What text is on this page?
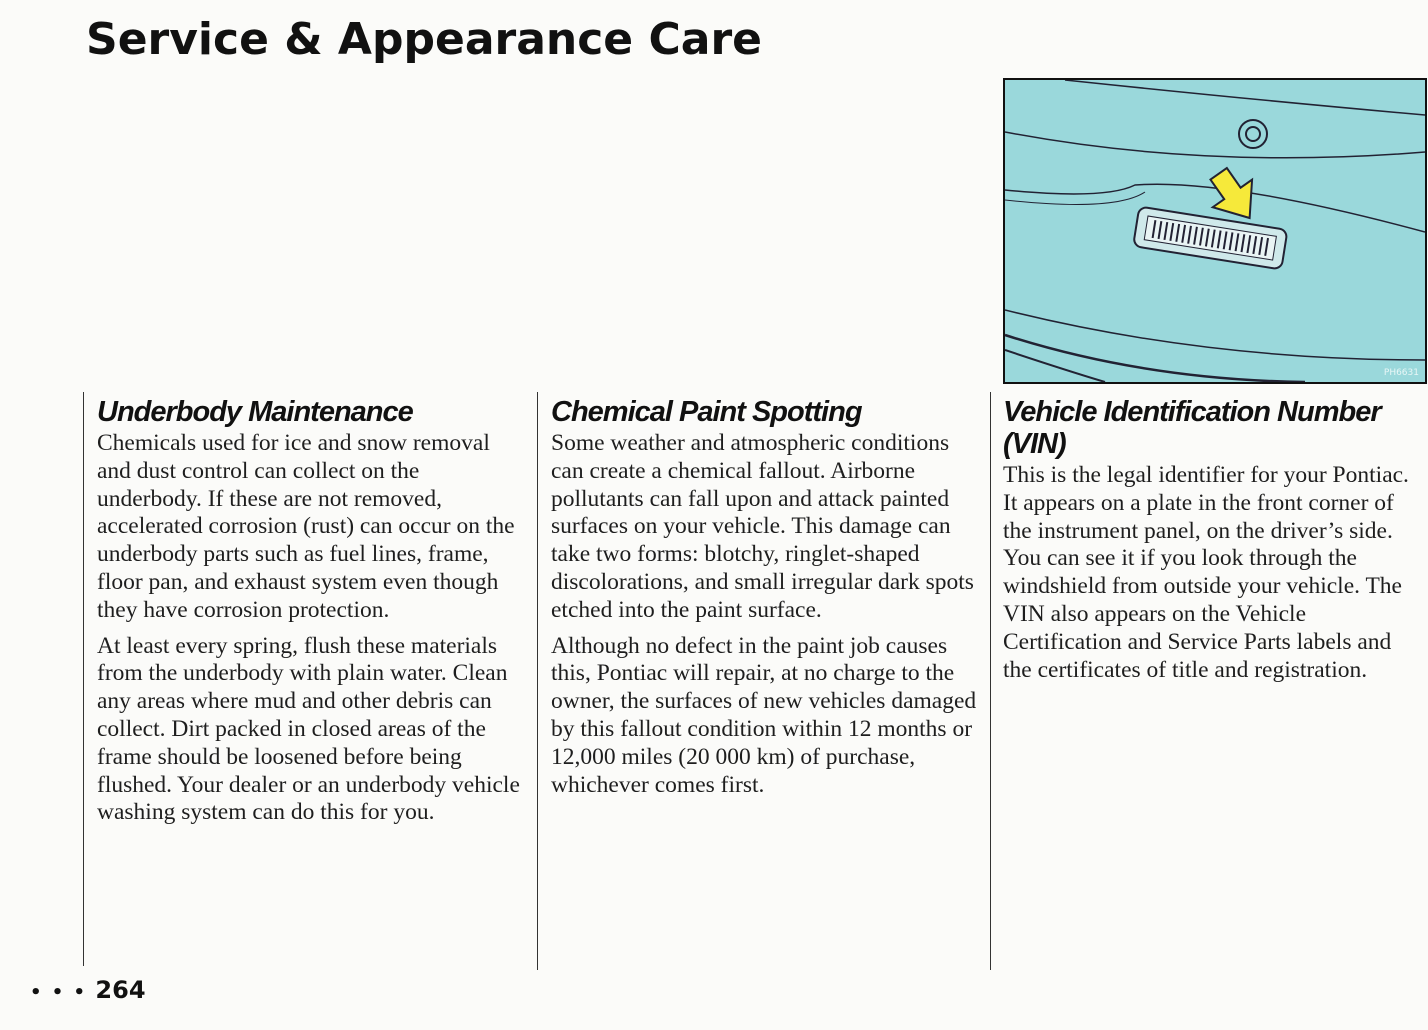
Service & Appearance Care
PH6631
Underbody Maintenance

Chemicals used for ice and snow removal and dust control can collect on the underbody. If these are not removed, accelerated corrosion (rust) can occur on the underbody parts such as fuel lines, frame, floor pan, and exhaust system even though they have corrosion protection.

At least every spring, flush these materials from the underbody with plain water. Clean any areas where mud and other debris can collect. Dirt packed in closed areas of the frame should be loosened before being flushed. Your dealer or an underbody vehicle washing system can do this for you.

Chemical Paint Spotting

Some weather and atmospheric conditions can create a chemical fallout. Airborne pollutants can fall upon and attack painted surfaces on your vehicle. This damage can take two forms: blotchy, ringlet-shaped discolorations, and small irregular dark spots etched into the paint surface.

Although no defect in the paint job causes this, Pontiac will repair, at no charge to the owner, the surfaces of new vehicles damaged by this fallout condition within 12 months or 12,000 miles (20 000 km) of purchase, whichever comes first.

Vehicle Identification Number (VIN)

This is the legal identifier for your Pontiac. It appears on a plate in the front corner of the instrument panel, on the driver’s side. You can see it if you look through the windshield from outside your vehicle. The VIN also appears on the Vehicle Certification and Service Parts labels and the certificates of title and registration.

• • • 264
